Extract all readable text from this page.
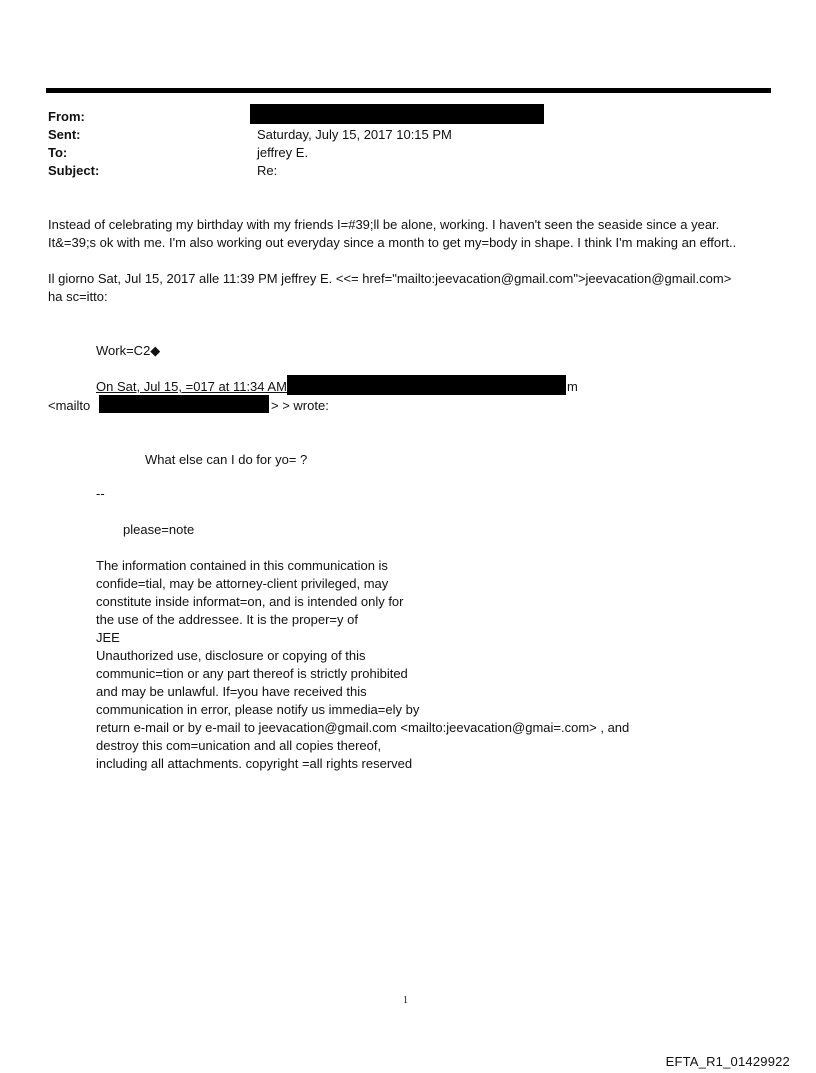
From:
Sent:	Saturday, July 15, 2017 10:15 PM
To:	jeffrey E.
Subject:	Re:
Instead of celebrating my birthday with my friends I=#39;ll be alone, working. I haven't seen the seaside since a year.
It&=39;s ok with me. I'm also working out everyday since a month to get my=body in shape. I think I'm making an effort..
Il giorno Sat, Jul 15, 2017 alle 11:39 PM jeffrey E. <<= href="mailto:jeevacation@gmail.com">jeevacation@gmail.com>
ha sc=itto:
Work=C2◆
On Sat, Jul 15, =017 at 11:34 AM	m
<mailto	> > wrote:
What else can I do for yo= ?
--
please=note
The information contained in this communication is
confide=tial, may be attorney-client privileged, may
constitute inside informat=on, and is intended only for
the use of the addressee. It is the proper=y of
JEE
Unauthorized use, disclosure or copying of this
communic=tion or any part thereof is strictly prohibited
and may be unlawful. If=you have received this
communication in error, please notify us immedia=ely by
return e-mail or by e-mail to jeevacation@gmail.com <mailto:jeevacation@gmai=.com> , and
destroy this com=unication and all copies thereof,
including all attachments. copyright =all rights reserved
1
EFTA_R1_01429922
